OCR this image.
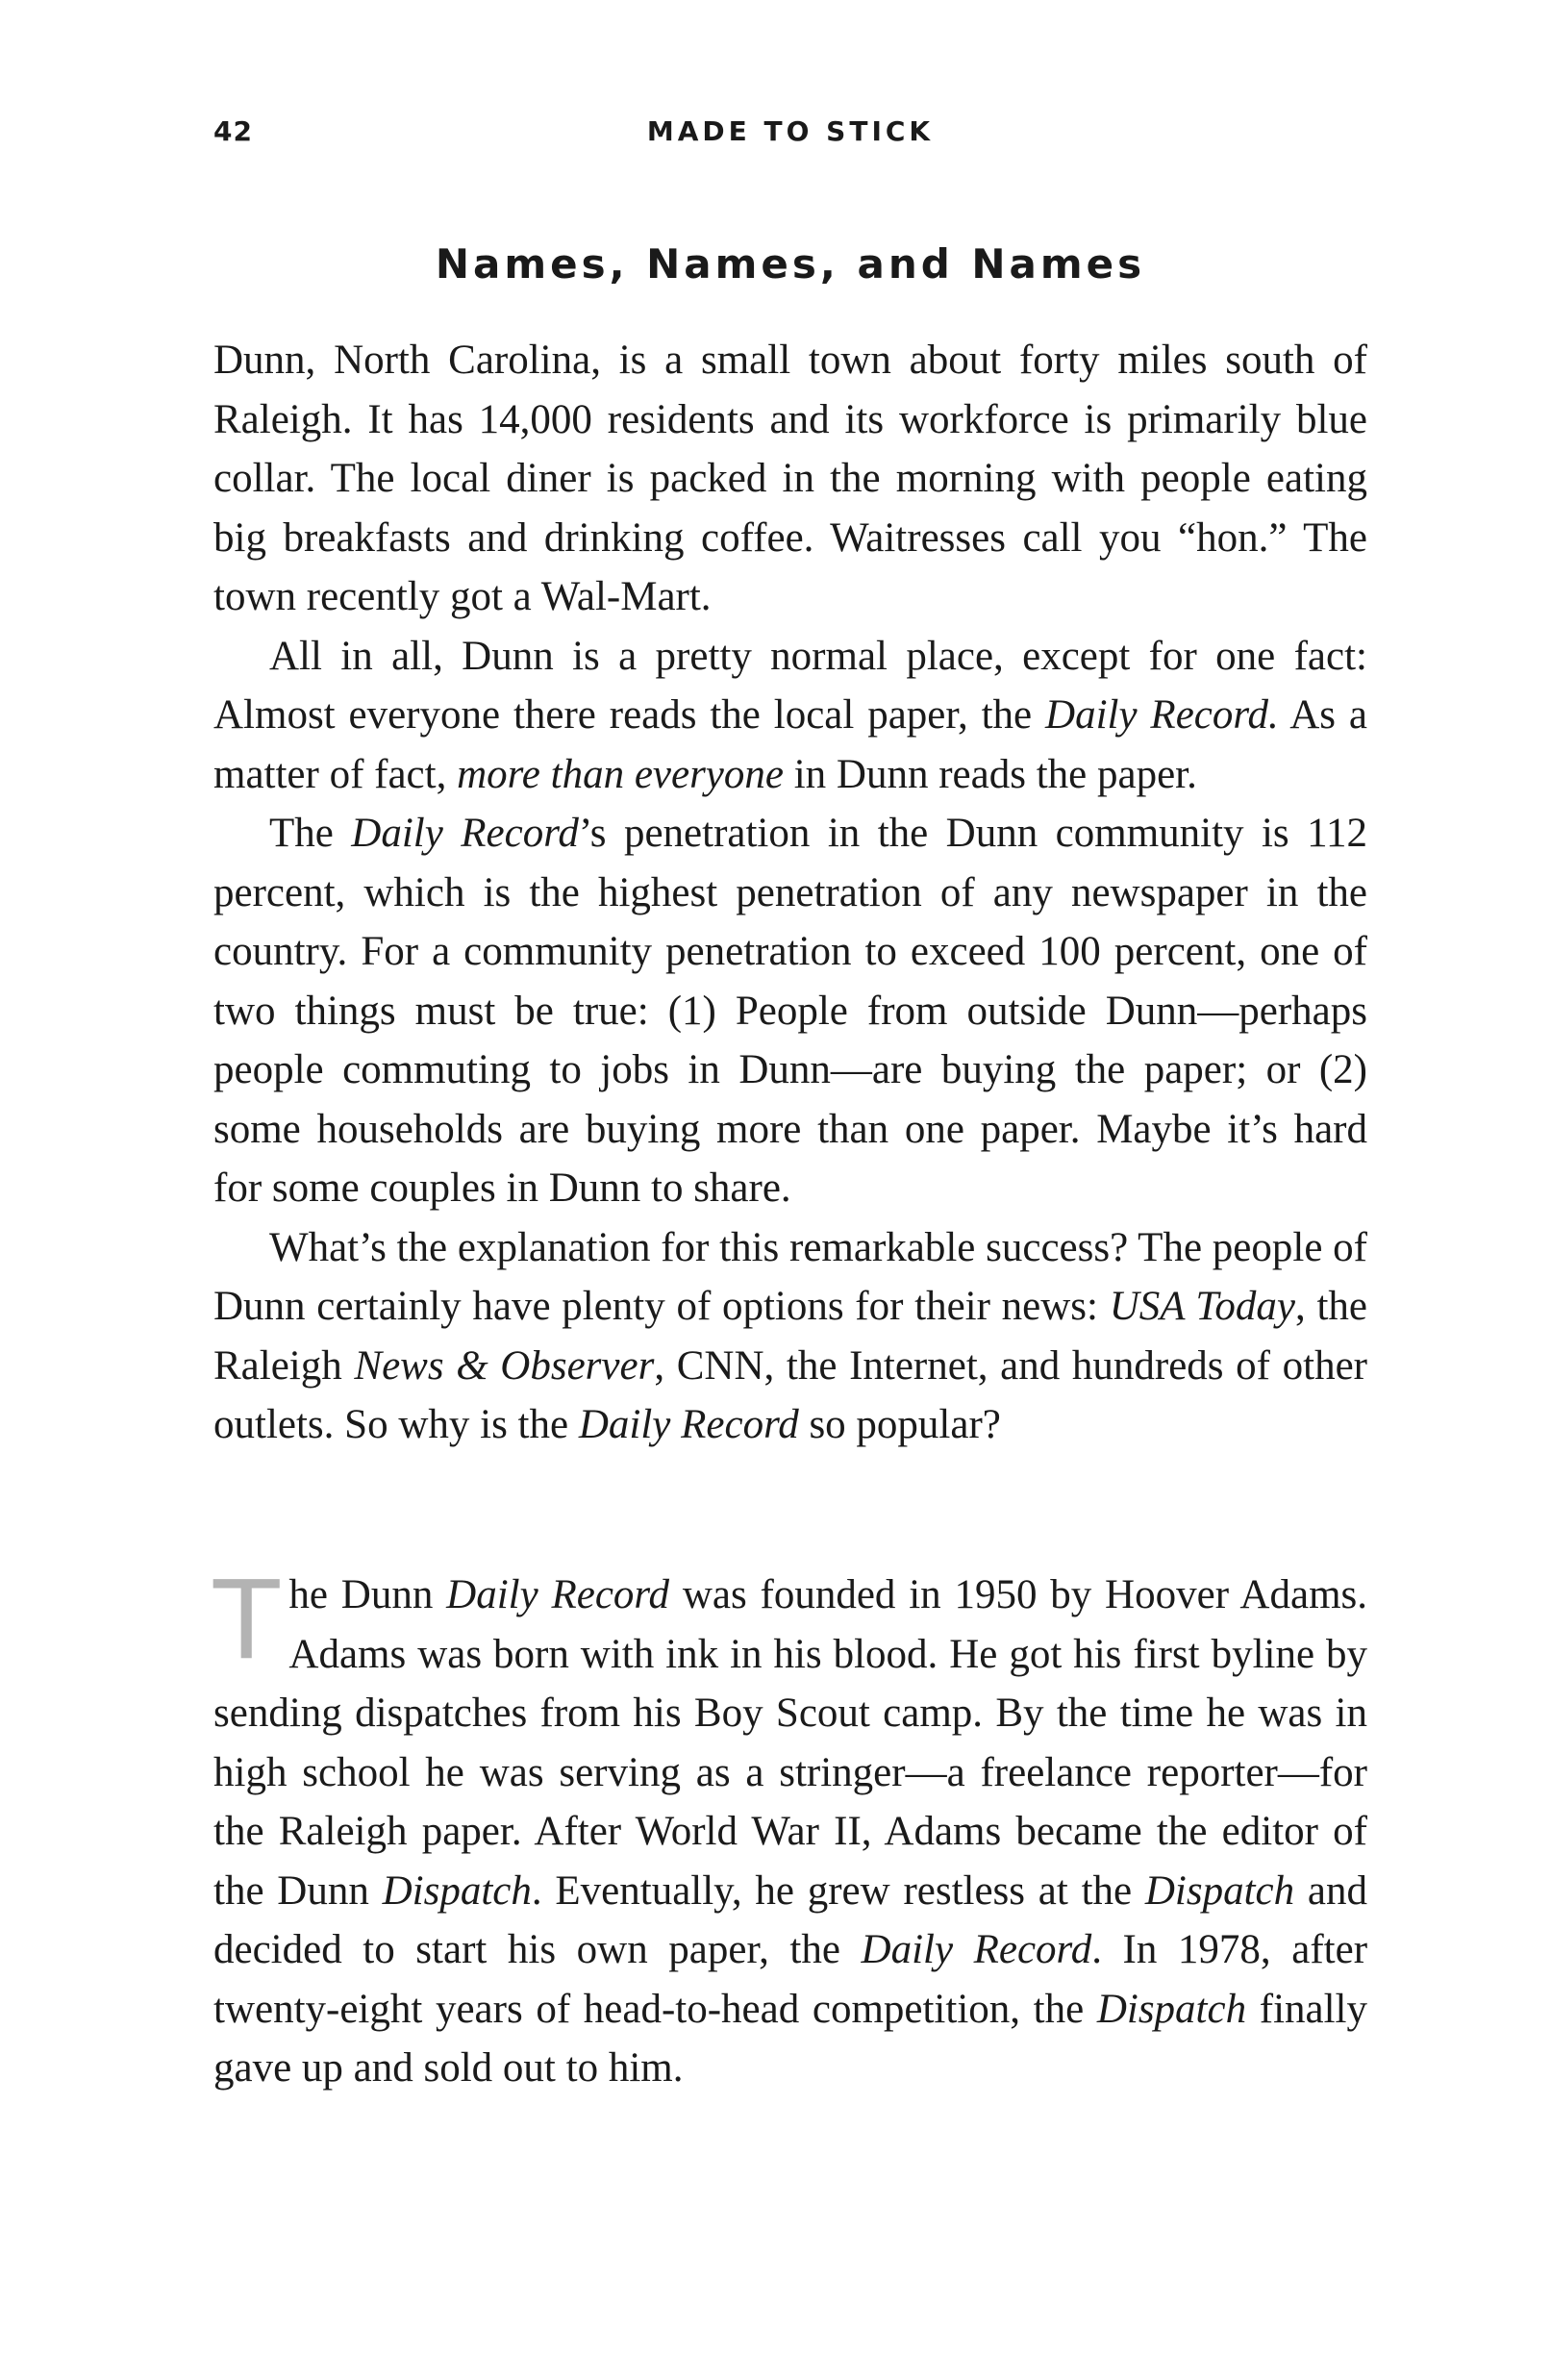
42	MADE TO STICK
Names, Names, and Names

Dunn, North Carolina, is a small town about forty miles south of Raleigh. It has 14,000 residents and its workforce is primarily blue collar. The local diner is packed in the morning with people eating big breakfasts and drinking coffee. Waitresses call you “hon.” The town recently got a Wal-Mart.

All in all, Dunn is a pretty normal place, except for one fact: Almost everyone there reads the local paper, the Daily Record. As a matter of fact, more than everyone in Dunn reads the paper.

The Daily Record’s penetration in the Dunn community is 112 percent, which is the highest penetration of any newspaper in the country. For a community penetration to exceed 100 percent, one of two things must be true: (1) People from outside Dunn—perhaps people commuting to jobs in Dunn—are buying the paper; or (2) some households are buying more than one paper. Maybe it’s hard for some couples in Dunn to share.

What’s the explanation for this remarkable success? The people of Dunn certainly have plenty of options for their news: USA Today, the Raleigh News & Observer, CNN, the Internet, and hundreds of other outlets. So why is the Daily Record so popular?

The Dunn Daily Record was founded in 1950 by Hoover Adams. Adams was born with ink in his blood. He got his first byline by sending dispatches from his Boy Scout camp. By the time he was in high school he was serving as a stringer—a freelance reporter—for the Raleigh paper. After World War II, Adams became the editor of the Dunn Dispatch. Eventually, he grew restless at the Dispatch and decided to start his own paper, the Daily Record. In 1978, after twenty-eight years of head-to-head competition, the Dispatch finally gave up and sold out to him.
